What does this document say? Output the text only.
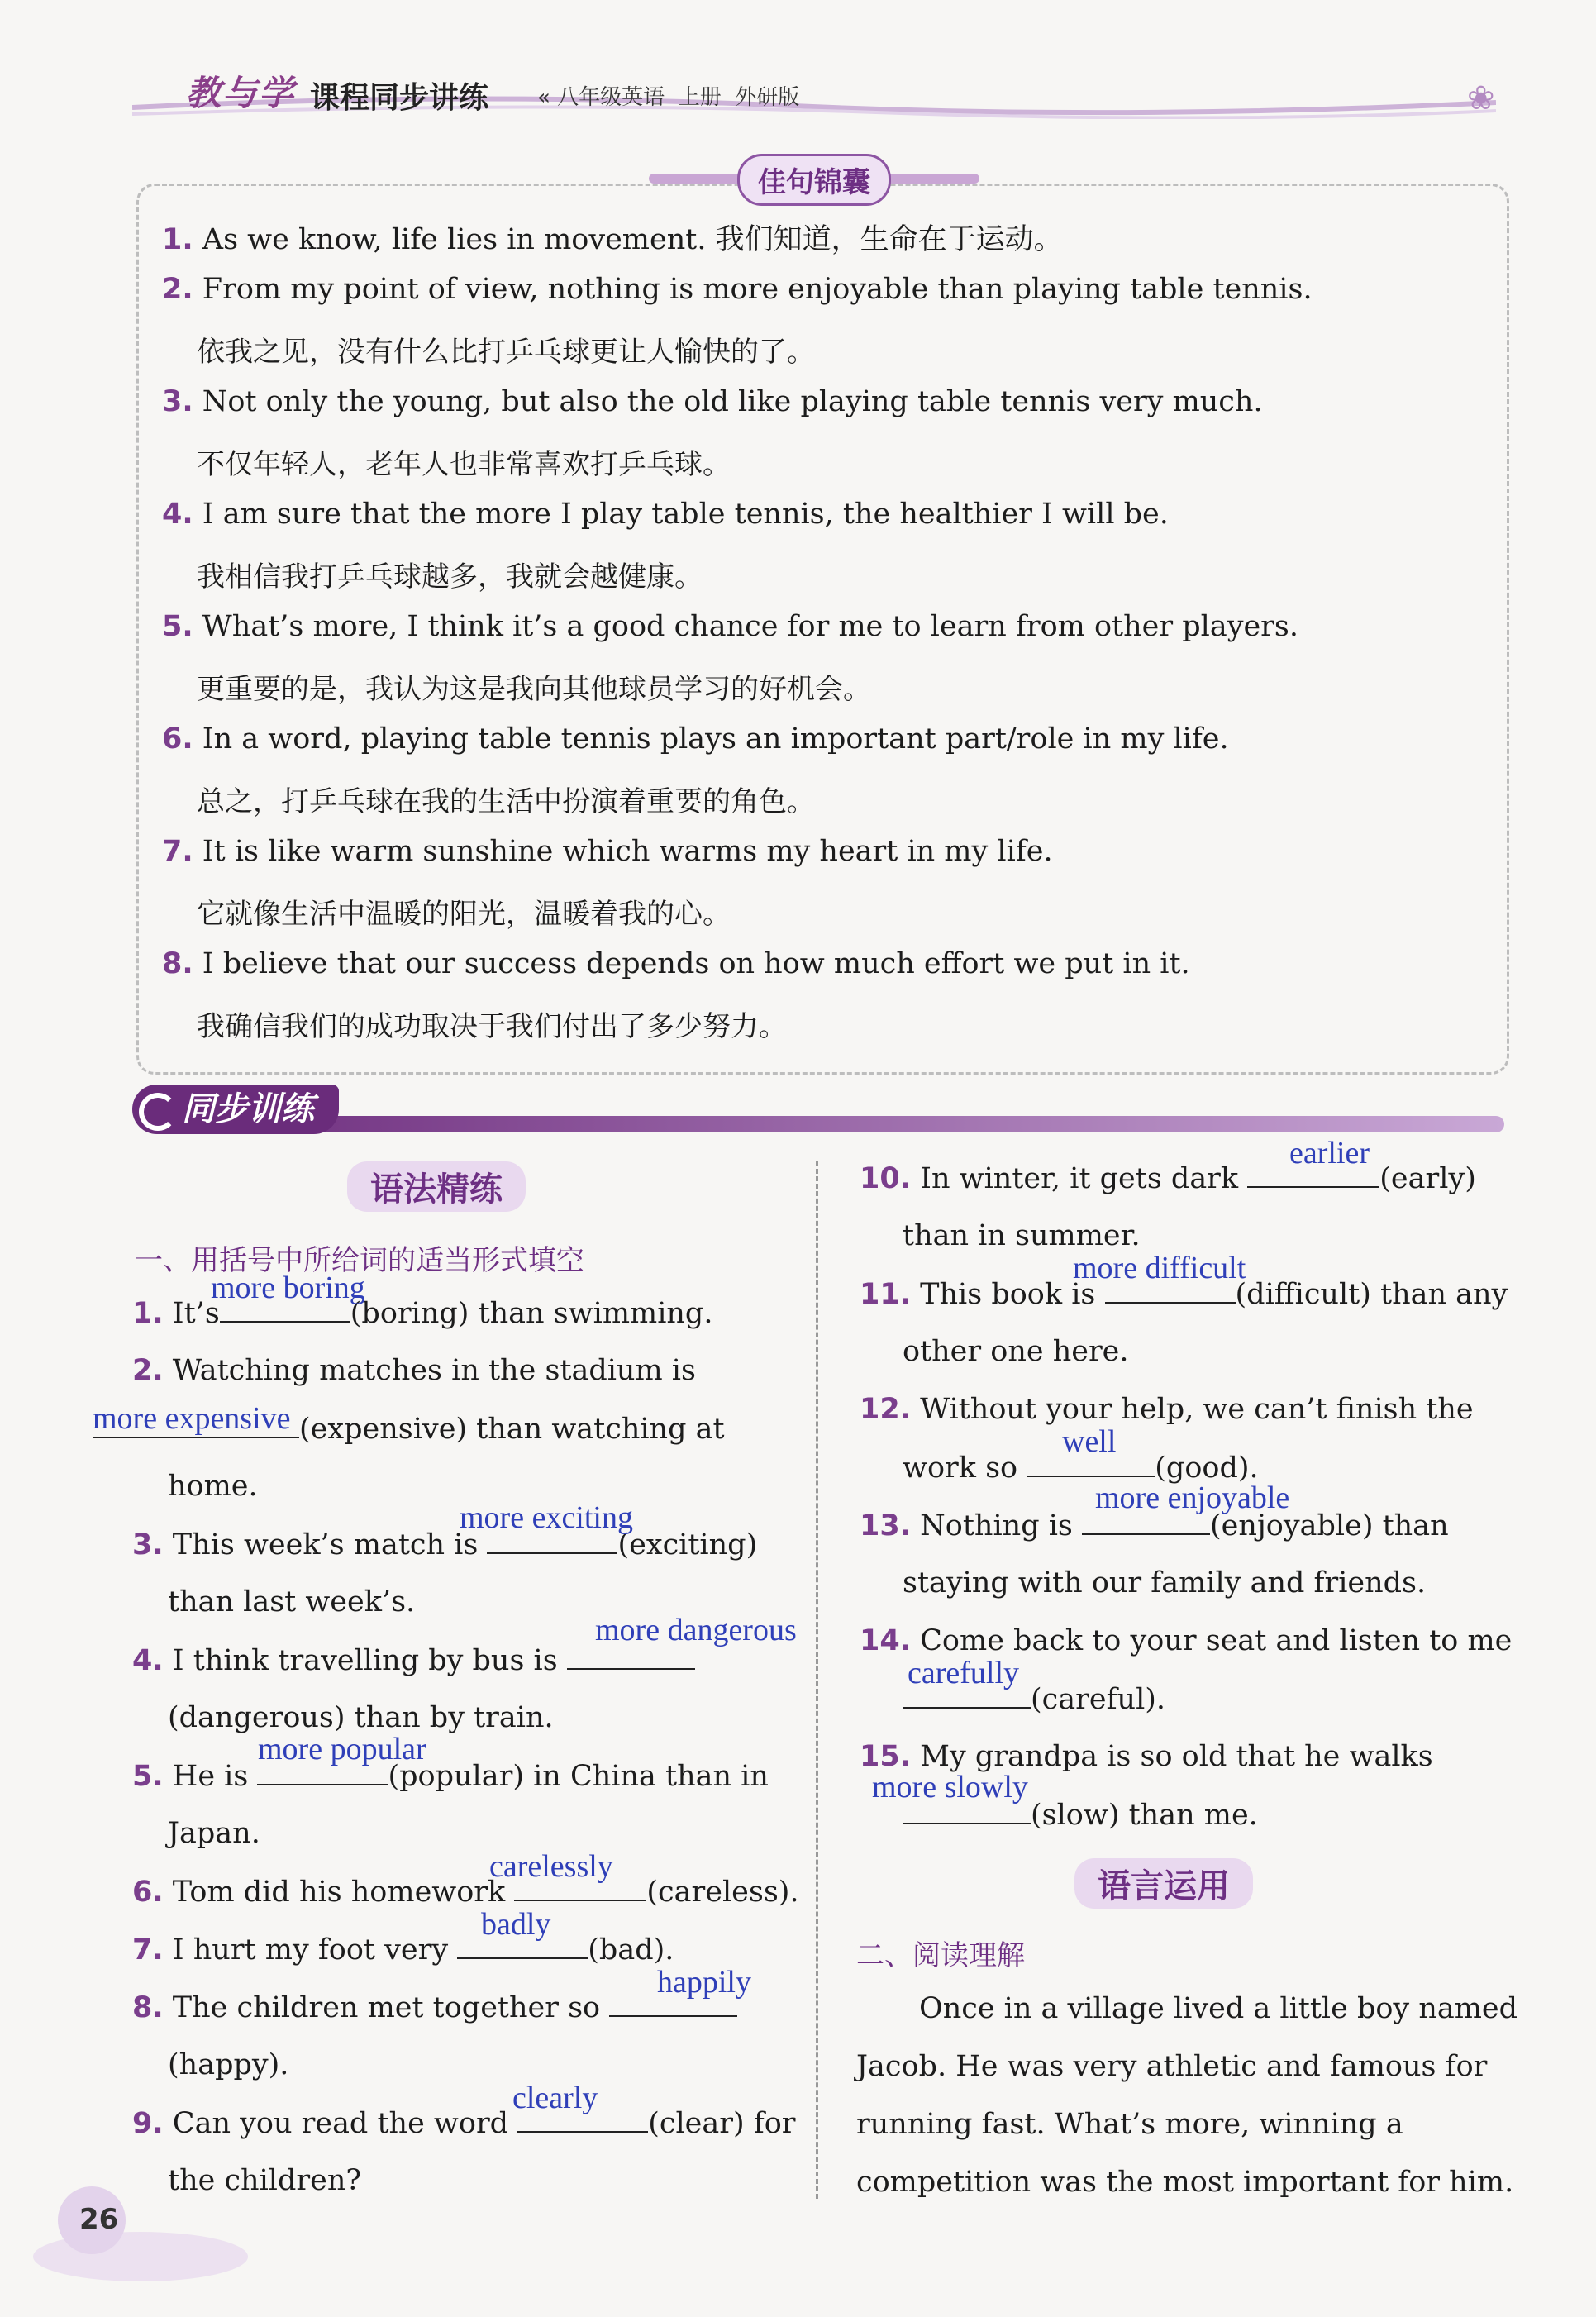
教与学 课程同步讲练 « 八年级英语  上册  外研版	❀
佳句锦囊
1. As we know, life lies in movement. 我们知道，生命在于运动。
2. From my point of view, nothing is more enjoyable than playing table tennis.
依我之见，没有什么比打乒乓球更让人愉快的了。
3. Not only the young, but also the old like playing table tennis very much.
不仅年轻人，老年人也非常喜欢打乒乓球。
4. I am sure that the more I play table tennis, the healthier I will be.
我相信我打乒乓球越多，我就会越健康。
5. What’s more, I think it’s a good chance for me to learn from other players.
更重要的是，我认为这是我向其他球员学习的好机会。
6. In a word, playing table tennis plays an important part/role in my life.
总之，打乒乓球在我的生活中扮演着重要的角色。
7. It is like warm sunshine which warms my heart in my life.
它就像生活中温暖的阳光，温暖着我的心。
8. I believe that our success depends on how much effort we put in it.
我确信我们的成功取决于我们付出了多少努力。
同步训练
语法精练
一、用括号中所给词的适当形式填空
1. It’s	(boring) than swimming.
more boring
2. Watching matches in the stadium is
(expensive) than watching at
more expensive
home.
3. This week’s match is	(exciting)
more exciting
than last week’s.
4. I think travelling by bus is
more dangerous
(dangerous) than by train.
5. He is	(popular) in China than in
more popular
Japan.
6. Tom did his homework	(careless).
carelessly
7. I hurt my foot very	(bad).
badly
8. The children met together so
happily
(happy).
9. Can you read the word	(clear) for
clearly
the children?
10. In winter, it gets dark	(early)
earlier
than in summer.
11. This book is	(difficult) than any
more difficult
other one here.
12. Without your help, we can’t finish the
work so	(good).
well
13. Nothing is	(enjoyable) than
more enjoyable
staying with our family and friends.
14. Come back to your seat and listen to me
(careful).
carefully
15. My grandpa is so old that he walks
(slow) than me.
more slowly
语言运用
二、阅读理解
Once in a village lived a little boy named
Jacob. He was very athletic and famous for
running fast. What’s more, winning a
competition was the most important for him.
26
